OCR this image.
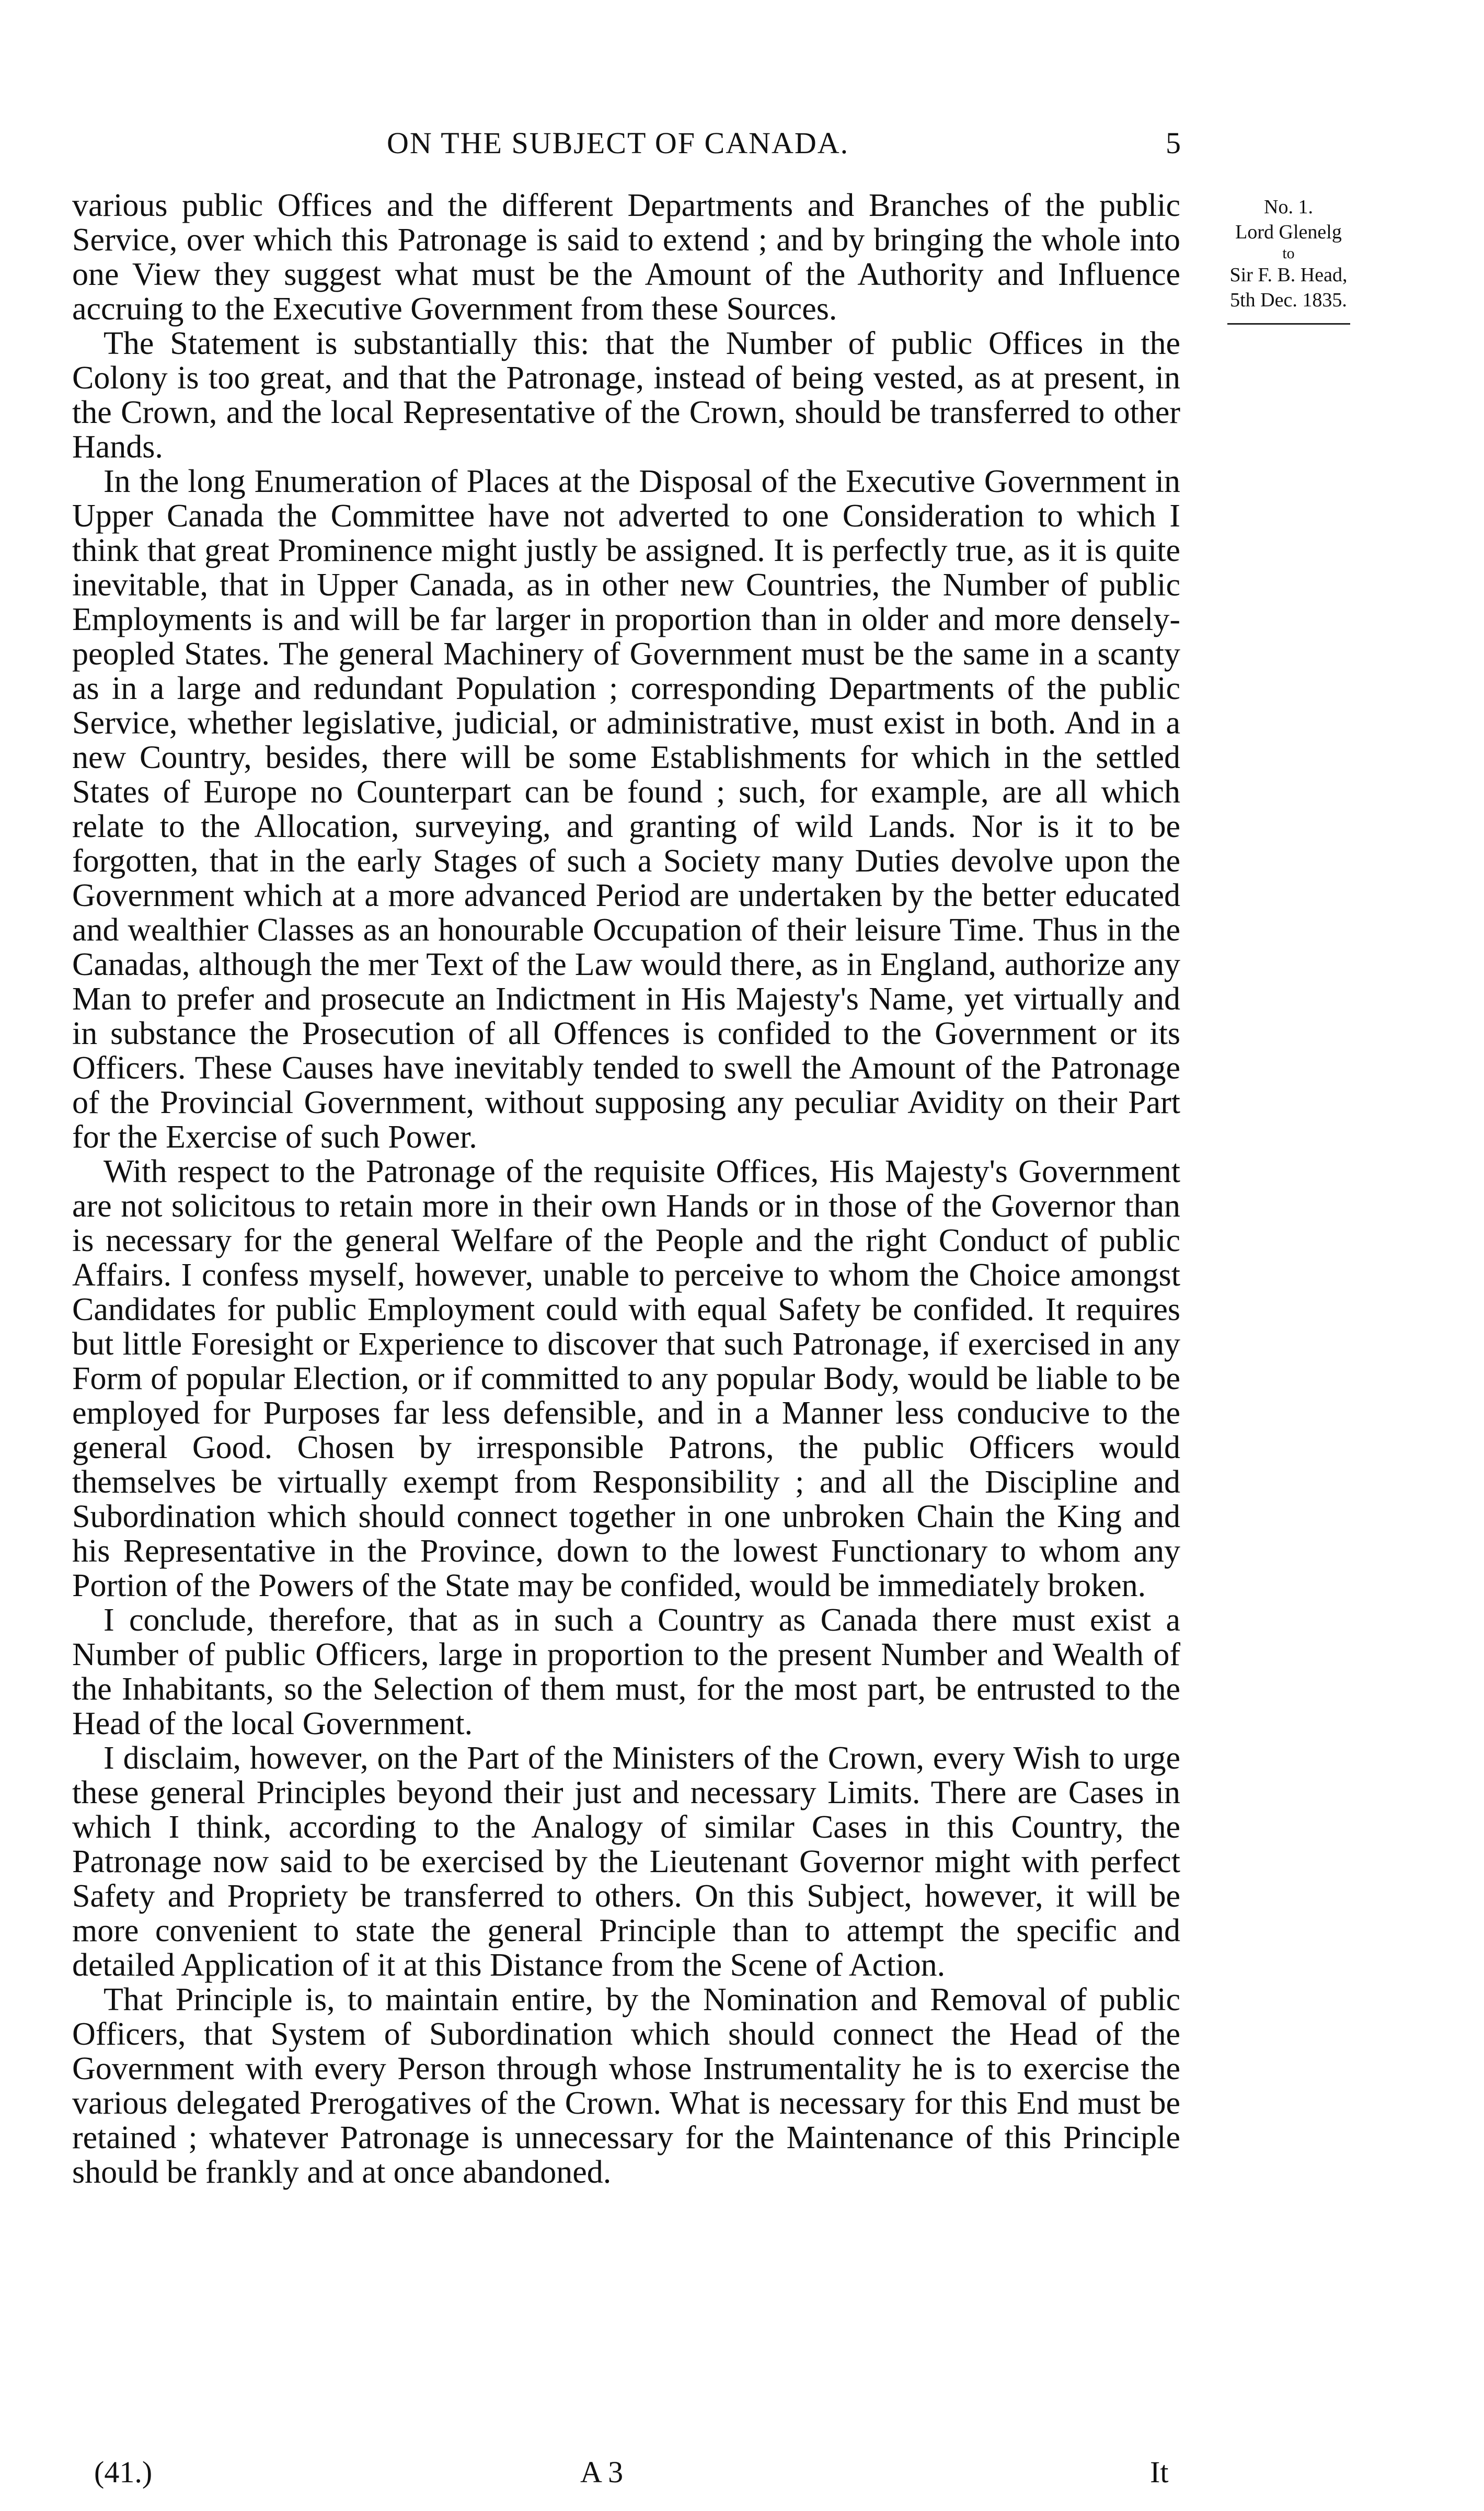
ON THE SUBJECT OF CANADA.	5
No. 1.
Lord Glenelg
to
Sir F. B. Head,
5th Dec. 1835.

various public Offices and the different Departments and Branches of the public Service, over which this Patronage is said to extend ; and by bringing the whole into one View they suggest what must be the Amount of the Authority and Influence accruing to the Executive Government from these Sources.

The Statement is substantially this: that the Number of public Offices in the Colony is too great, and that the Patronage, instead of being vested, as at present, in the Crown, and the local Representative of the Crown, should be transferred to other Hands.

In the long Enumeration of Places at the Disposal of the Executive Government in Upper Canada the Committee have not adverted to one Consideration to which I think that great Prominence might justly be assigned. It is perfectly true, as it is quite inevitable, that in Upper Canada, as in other new Countries, the Number of public Employments is and will be far larger in proportion than in older and more densely-peopled States. The general Machinery of Government must be the same in a scanty as in a large and redundant Population ; corresponding Departments of the public Service, whether legislative, judicial, or administrative, must exist in both. And in a new Country, besides, there will be some Establishments for which in the settled States of Europe no Counterpart can be found ; such, for example, are all which relate to the Allocation, surveying, and granting of wild Lands. Nor is it to be forgotten, that in the early Stages of such a Society many Duties devolve upon the Government which at a more advanced Period are undertaken by the better educated and wealthier Classes as an honourable Occupation of their leisure Time. Thus in the Canadas, although the mer Text of the Law would there, as in England, authorize any Man to prefer and prosecute an Indictment in His Majesty's Name, yet virtually and in substance the Prosecution of all Offences is confided to the Government or its Officers. These Causes have inevitably tended to swell the Amount of the Patronage of the Provincial Government, without supposing any peculiar Avidity on their Part for the Exercise of such Power.

With respect to the Patronage of the requisite Offices, His Majesty's Government are not solicitous to retain more in their own Hands or in those of the Governor than is necessary for the general Welfare of the People and the right Conduct of public Affairs. I confess myself, however, unable to perceive to whom the Choice amongst Candidates for public Employment could with equal Safety be confided. It requires but little Foresight or Experience to discover that such Patronage, if exercised in any Form of popular Election, or if committed to any popular Body, would be liable to be employed for Purposes far less defensible, and in a Manner less conducive to the general Good. Chosen by irresponsible Patrons, the public Officers would themselves be virtually exempt from Responsibility ; and all the Discipline and Subordination which should connect together in one unbroken Chain the King and his Representative in the Province, down to the lowest Functionary to whom any Portion of the Powers of the State may be confided, would be immediately broken.

I conclude, therefore, that as in such a Country as Canada there must exist a Number of public Officers, large in proportion to the present Number and Wealth of the Inhabitants, so the Selection of them must, for the most part, be entrusted to the Head of the local Government.

I disclaim, however, on the Part of the Ministers of the Crown, every Wish to urge these general Principles beyond their just and necessary Limits. There are Cases in which I think, according to the Analogy of similar Cases in this Country, the Patronage now said to be exercised by the Lieutenant Governor might with perfect Safety and Propriety be transferred to others. On this Subject, however, it will be more convenient to state the general Principle than to attempt the specific and detailed Application of it at this Distance from the Scene of Action.

That Principle is, to maintain entire, by the Nomination and Removal of public Officers, that System of Subordination which should connect the Head of the Government with every Person through whose Instrumentality he is to exercise the various delegated Prerogatives of the Crown. What is necessary for this End must be retained ; whatever Patronage is unnecessary for the Maintenance of this Principle should be frankly and at once abandoned.

(41.)	A 3	It
